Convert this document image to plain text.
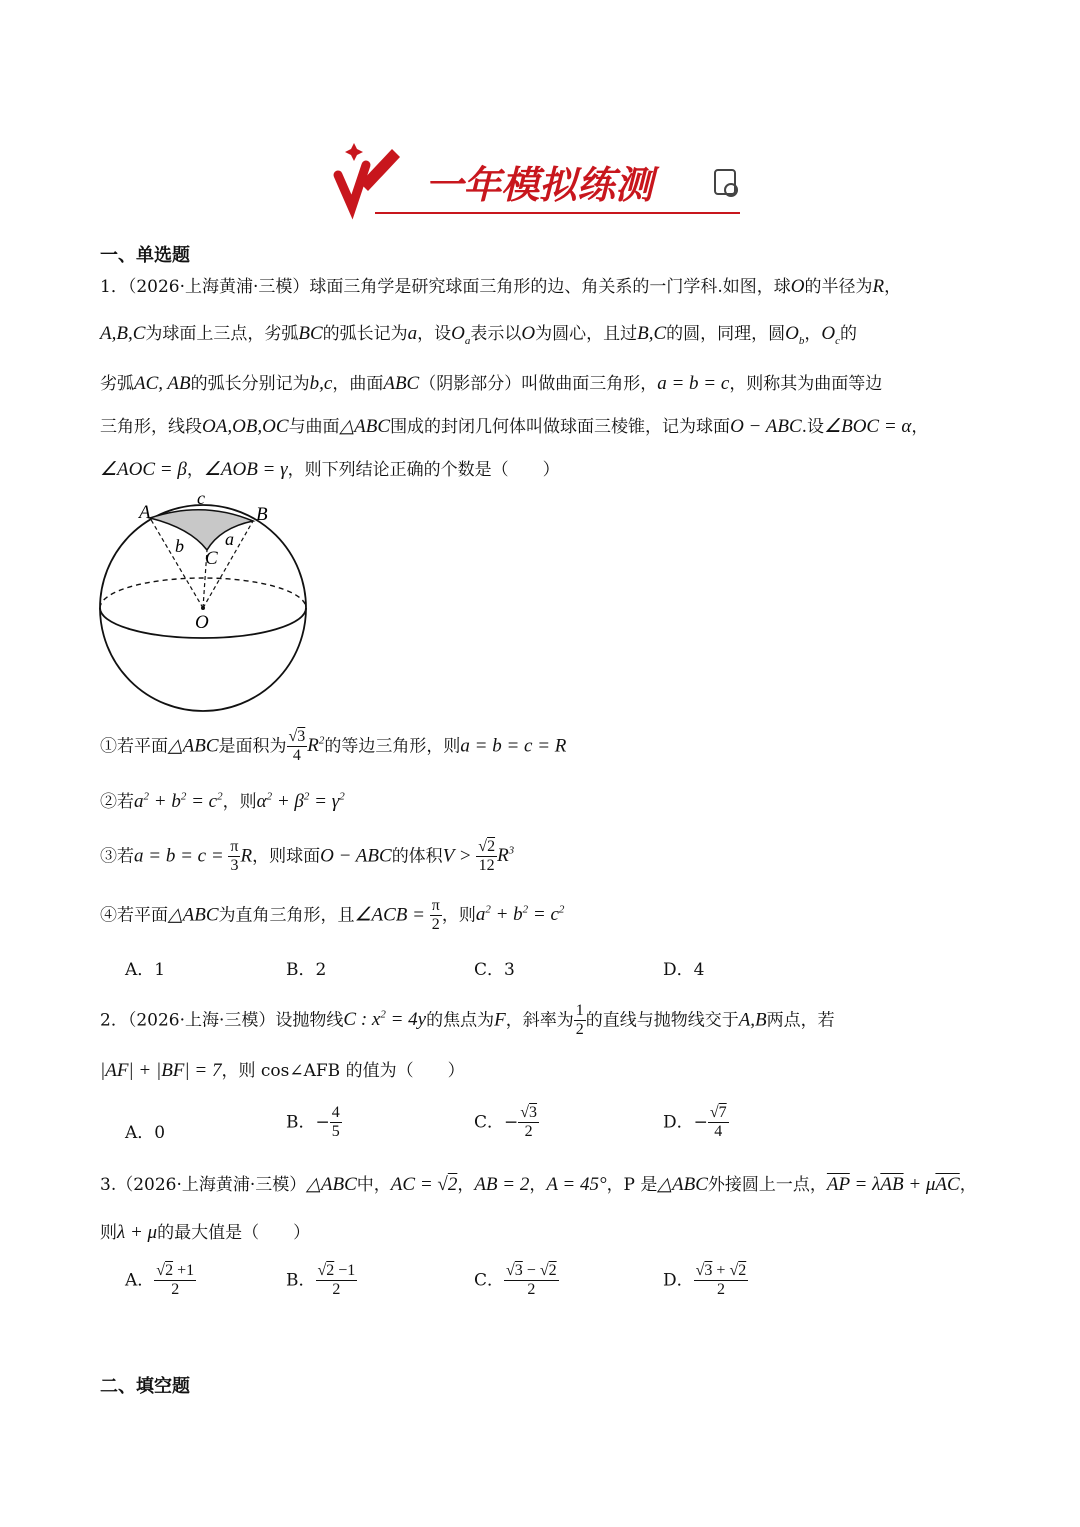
一年模拟练测
一、单选题
1．（2026·上海黄浦·三模）球面三角学是研究球面三角形的边、角关系的一门学科.如图，球O的半径为R，
A,B,C为球面上三点，劣弧BC的弧长记为a，设$O_a$表示以O为圆心，且过B,C的圆，同理，圆$O_b$，$O_c$的
劣弧AC, AB的弧长分别记为b,c，曲面ABC（阴影部分）叫做曲面三角形，a = b = c，则称其为曲面等边
三角形，线段OA,OB,OC与曲面△ABC围成的封闭几何体叫做球面三棱锥，记为球面O − ABC.设∠BOC = α，
∠AOC = β，∠AOB = γ，则下列结论正确的个数是（　　）
A	B
C
O
c
b a
①若平面△ABC是面积为 $\frac{√3}{4} R^2$的等边三角形，则a = b = c = R
②若$a^2 + b^2 = c^2$，则$\alpha^2 + \beta^2 = \gamma^2$
③若$a = b = c = \frac{\pi}{3}$ R，则球面O − ABC的体积$V > \frac{√2}{12} R^3$
④若平面△ABC为直角三角形，且∠ACB = $\frac{\pi}{2}$ ，则$a^2 + b^2 = c^2$
A．1	B．2	C．3	D．4
2．（2026·上海·三模）设抛物线C : $x^2 = 4y$的焦点为F，斜率为 $\frac{1}{2}$ 的直线与抛物线交于A,B两点，若
|AF| + |BF| = 7，则 cos∠AFB 的值为（　　）
A．0
B．− $\frac{4}{5}$	C．− $\frac{√3}{2}$	D．− $\frac{√7}{4}$
3.（2026·上海黄浦·三模）△ABC中，AC = √2，AB = 2，A = 45°，P 是△ABC外接圆上一点，$\overline{AP} = \lambda\overline{AB} + \mu\overline{AC}$，
则λ + μ的最大值是（　　）
A． $\frac{√2 +1}{2}$	B． $\frac{√2 -1}{2}$	C． $\frac{√3 - √2}{2}$	D． $\frac{√3 + √2}{2}$
二、填空题
